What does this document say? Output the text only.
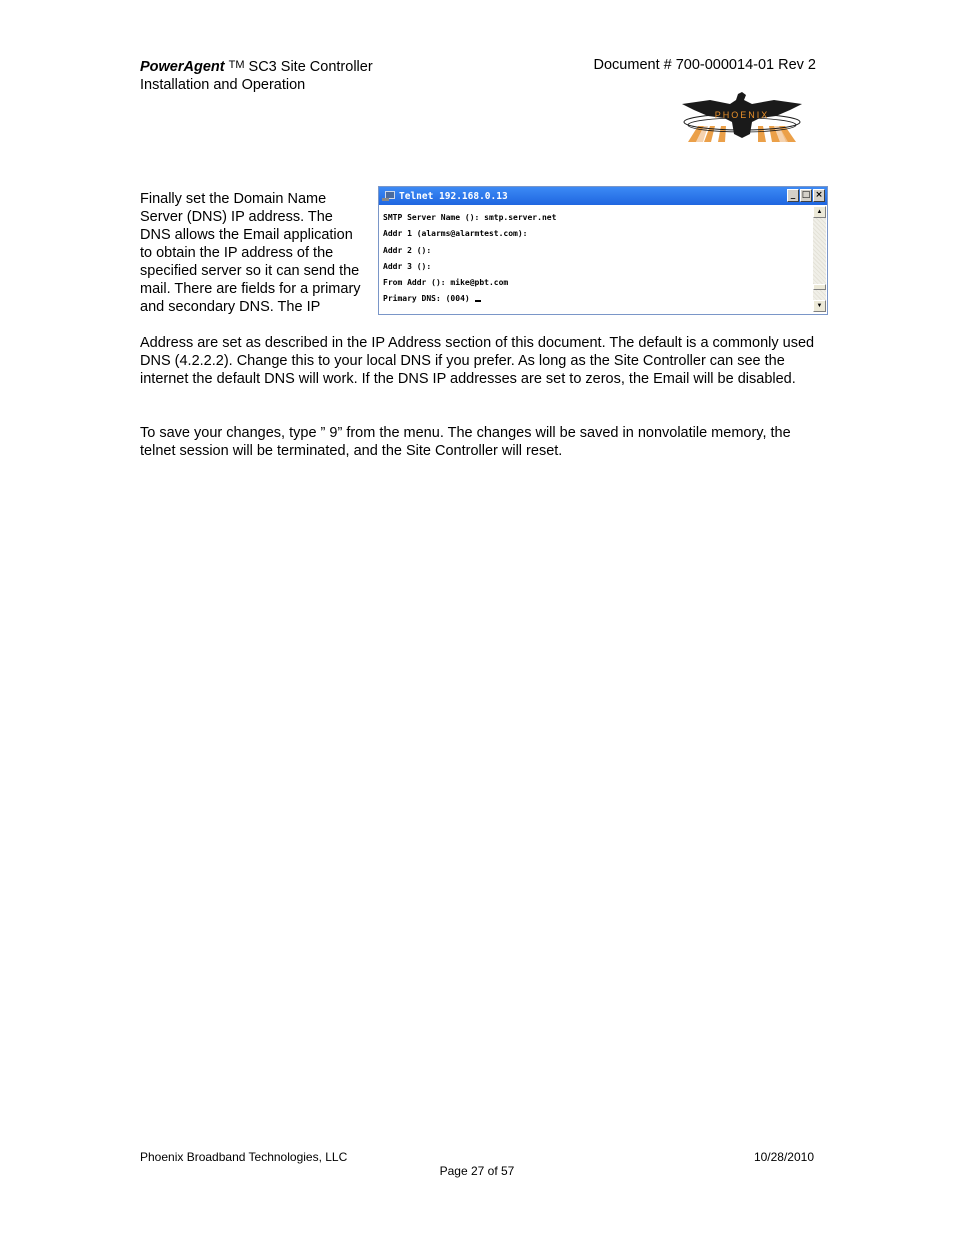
PowerAgent ™ SC3 Site Controller
Installation and Operation
Document # 700-000014-01 Rev 2
PHOENIX
Finally set the Domain Name Server (DNS) IP address. The DNS allows the Email application to obtain the IP address of the specified server so it can send the mail. There are fields for a primary and secondary DNS. The IP
Telnet 192.168.0.13	_ □ ×
SMTP Server Name (): smtp.server.net
Addr 1 (alarms@alarmtest.com):
Addr 2 ():
Addr 3 ():
From Addr (): mike@pbt.com
Primary DNS: (004)
▲
▼
Address are set as described in the IP Address section of this document. The default is a commonly used DNS (4.2.2.2). Change this to your local DNS if you prefer. As long as the Site Controller can see the internet the default DNS will work. If the DNS IP addresses are set to zeros, the Email will be disabled.
To save your changes, type ” 9” from the menu. The changes will be saved in nonvolatile memory, the telnet session will be terminated, and the Site Controller will reset.
Phoenix Broadband Technologies, LLC	10/28/2010
Page 27 of 57
